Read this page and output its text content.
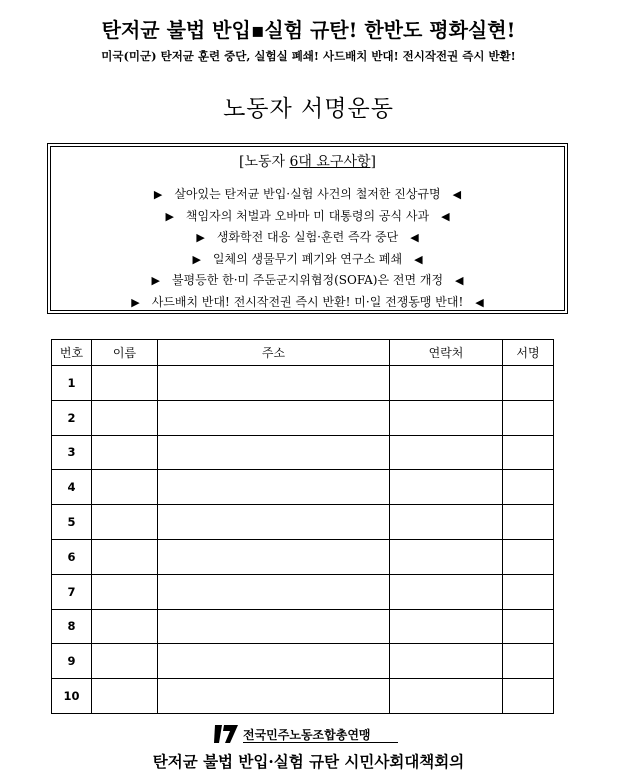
탄저균 불법 반입▪실험 규탄! 한반도 평화실현!
미국(미군) 탄저균 훈련 중단, 실험실 폐쇄! 사드배치 반대! 전시작전권 즉시 반환!
노동자 서명운동
[노동자 6대 요구사항]
▶ 살아있는 탄저균 반입·실험 사건의 철저한 진상규명 ◀
▶ 책임자의 처벌과 오바마 미 대통령의 공식 사과 ◀
▶ 생화학전 대응 실험·훈련 즉각 중단 ◀
▶ 일체의 생물무기 폐기와 연구소 폐쇄 ◀
▶ 불평등한 한·미 주둔군지위협정(SOFA)은 전면 개정 ◀
▶ 사드배치 반대! 전시작전권 즉시 반환! 미·일 전쟁동맹 반대! ◀
번호	이름	주소	연락처	서명
1				
2				
3				
4				
5				
6				
7				
8				
9				
10				
전국민주노동조합총연맹
탄저균 불법 반입·실험 규탄 시민사회대책회의
